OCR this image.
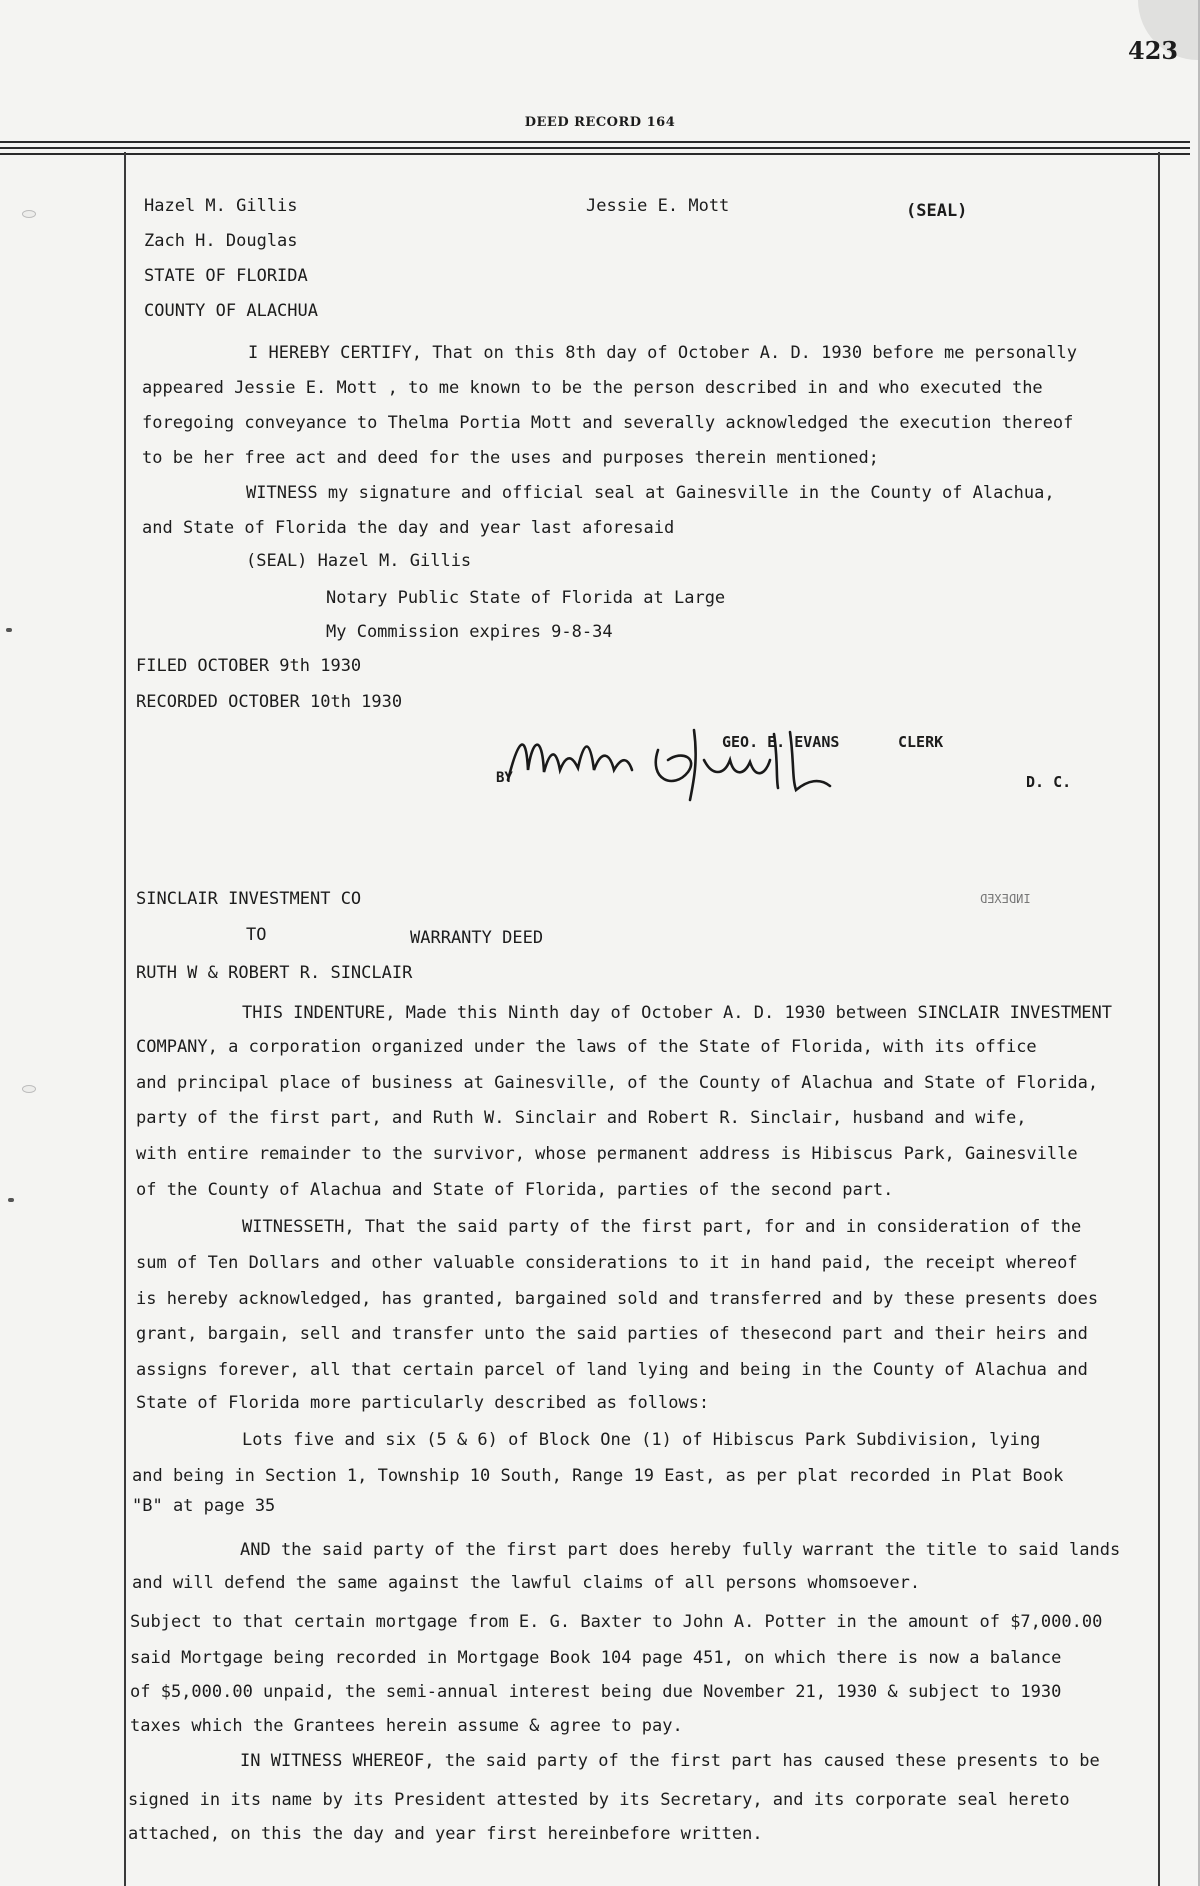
423
DEED RECORD 164
Hazel M. Gillis	Jessie E. Mott	(SEAL)
Zach H. Douglas
STATE OF FLORIDA
COUNTY OF ALACHUA
I HEREBY CERTIFY, That on this 8th day of October A. D. 1930 before me personally
appeared Jessie E. Mott , to me known to be the person described in and who executed the
foregoing conveyance to Thelma Portia Mott and severally acknowledged the execution thereof
to be her free act and deed for the uses and purposes therein mentioned;
WITNESS my signature and official seal at Gainesville in the County of Alachua,
and State of Florida the day and year last aforesaid
(SEAL) Hazel M. Gillis
Notary Public State of Florida at Large
My Commission expires 9-8-34
FILED OCTOBER 9th 1930
RECORDED OCTOBER 10th 1930
GEO. E. EVANS	CLERK
BY	D. C.
SINCLAIR INVESTMENT CO	INDEXED
TO	WARRANTY DEED
RUTH W & ROBERT R. SINCLAIR
THIS INDENTURE, Made this Ninth day of October A. D. 1930 between SINCLAIR INVESTMENT
COMPANY, a corporation organized under the laws of the State of Florida, with its office
and principal place of business at Gainesville, of the County of Alachua and State of Florida,
party of the first part, and Ruth W. Sinclair and Robert R. Sinclair, husband and wife,
with entire remainder to the survivor, whose permanent address is Hibiscus Park, Gainesville
of the County of Alachua and State of Florida, parties of the second part.
WITNESSETH, That the said party of the first part, for and in consideration of the
sum of Ten Dollars and other valuable considerations to it in hand paid, the receipt whereof
is hereby acknowledged, has granted, bargained sold and transferred and by these presents does
grant, bargain, sell and transfer unto the said parties of thesecond part and their heirs and
assigns forever, all that certain parcel of land lying and being in the County of Alachua and
State of Florida more particularly described as follows:
Lots five and six (5 & 6) of Block One (1) of Hibiscus Park Subdivision, lying
and being in Section 1, Township 10 South, Range 19 East, as per plat recorded in Plat Book
"B" at page 35
AND the said party of the first part does hereby fully warrant the title to said lands
and will defend the same against the lawful claims of all persons whomsoever.
Subject to that certain mortgage from E. G. Baxter to John A. Potter in the amount of $7,000.00
said Mortgage being recorded in Mortgage Book 104 page 451, on which there is now a balance
of $5,000.00 unpaid, the semi-annual interest being due November 21, 1930 & subject to 1930
taxes which the Grantees herein assume & agree to pay.
IN WITNESS WHEREOF, the said party of the first part has caused these presents to be
signed in its name by its President attested by its Secretary, and its corporate seal hereto
attached, on this the day and year first hereinbefore written.
